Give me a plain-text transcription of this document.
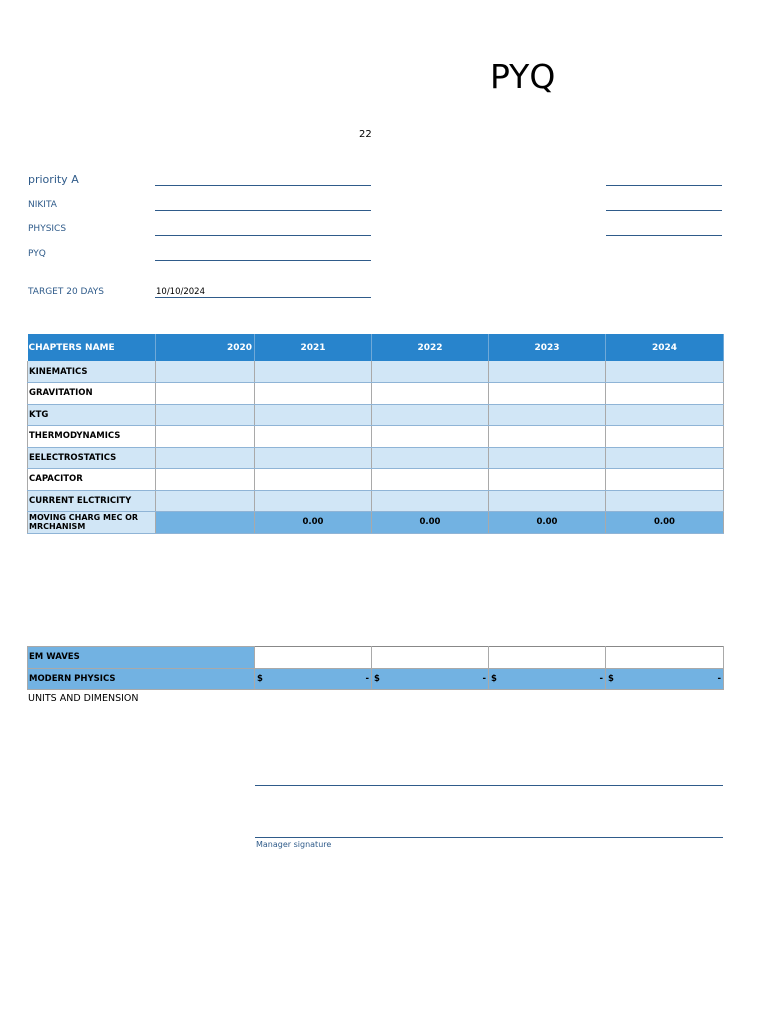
PYQ
22
priority A
NIKITA
PHYSICS
PYQ
TARGET 20 DAYS	10/10/2024
CHAPTERS NAME	2020	2021	2022	2023	2024
KINEMATICS					
GRAVITATION					
KTG					
THERMODYNAMICS					
EELECTROSTATICS					
CAPACITOR					
CURRENT ELCTRICITY					
MOVING CHARG MEC OR MRCHANISM		0.00	0.00	0.00	0.00
EM WAVES				
MODERN PHYSICS	$ -	$ -	$ -	$ -
UNITS AND DIMENSION
Manager signature
